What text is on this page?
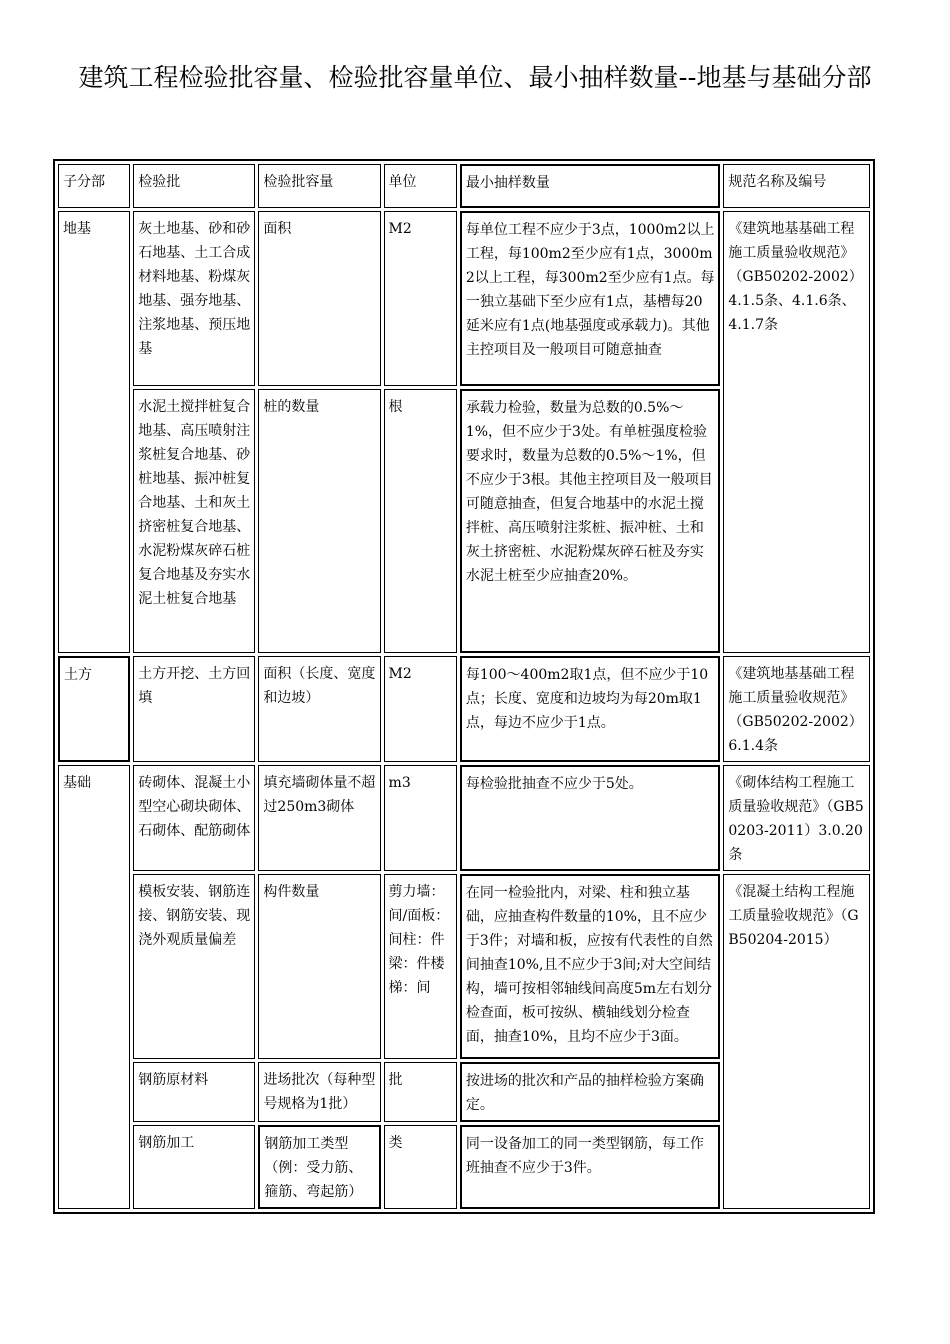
建筑工程检验批容量、检验批容量单位、最小抽样数量--地基与基础分部
子分部	检验批	检验批容量	单位	最小抽样数量	规范名称及编号
地基	灰土地基、砂和砂石地基、土工合成材料地基、粉煤灰地基、强夯地基、注浆地基、预压地基	面积	M2	每单位工程不应少于3点，1000m2以上工程，每100m2至少应有1点，3000m2以上工程，每300m2至少应有1点。每一独立基础下至少应有1点，基槽每20延米应有1点(地基强度或承载力)。其他主控项目及一般项目可随意抽查	《建筑地基基础工程施工质量验收规范》（GB50202-2002）4.1.5条、4.1.6条、4.1.7条
	水泥土搅拌桩复合地基、高压喷射注浆桩复合地基、砂桩地基、振冲桩复合地基、土和灰土挤密桩复合地基、水泥粉煤灰碎石桩复合地基及夯实水泥土桩复合地基	桩的数量	根	承载力检验，数量为总数的0.5%～1%，但不应少于3处。有单桩强度检验要求时，数量为总数的0.5%～1%，但不应少于3根。其他主控项目及一般项目可随意抽查，但复合地基中的水泥土搅拌桩、高压喷射注浆桩、振冲桩、土和灰土挤密桩、水泥粉煤灰碎石桩及夯实水泥土桩至少应抽查20%。	
土方	土方开挖、土方回填	面积（长度、宽度和边坡）	M2	每100～400m2取1点，但不应少于10点；长度、宽度和边坡均为每20m取1点，每边不应少于1点。	《建筑地基基础工程施工质量验收规范》（GB50202-2002）6.1.4条
基础	砖砌体、混凝土小型空心砌块砌体、石砌体、配筋砌体	填充墙砌体量不超过250m3砌体	m3	每检验批抽查不应少于5处。	《砌体结构工程施工质量验收规范》（GB50203-2011）3.0.20条
	模板安装、钢筋连接、钢筋安装、现浇外观质量偏差	构件数量	剪力墙：间/面板：间柱：件梁：件楼梯：间	在同一检验批内，对梁、柱和独立基础，应抽查构件数量的10%，且不应少于3件；对墙和板，应按有代表性的自然间抽查10%,且不应少于3间;对大空间结构，墙可按相邻轴线间高度5m左右划分检查面，板可按纵、横轴线划分检查面，抽查10%，且均不应少于3面。	《混凝土结构工程施工质量验收规范》（GB50204-2015）
	钢筋原材料	进场批次（每种型号规格为1批）	批	按进场的批次和产品的抽样检验方案确定。	
	钢筋加工	钢筋加工类型（例：受力筋、箍筋、弯起筋）	类	同一设备加工的同一类型钢筋，每工作班抽查不应少于3件。	
